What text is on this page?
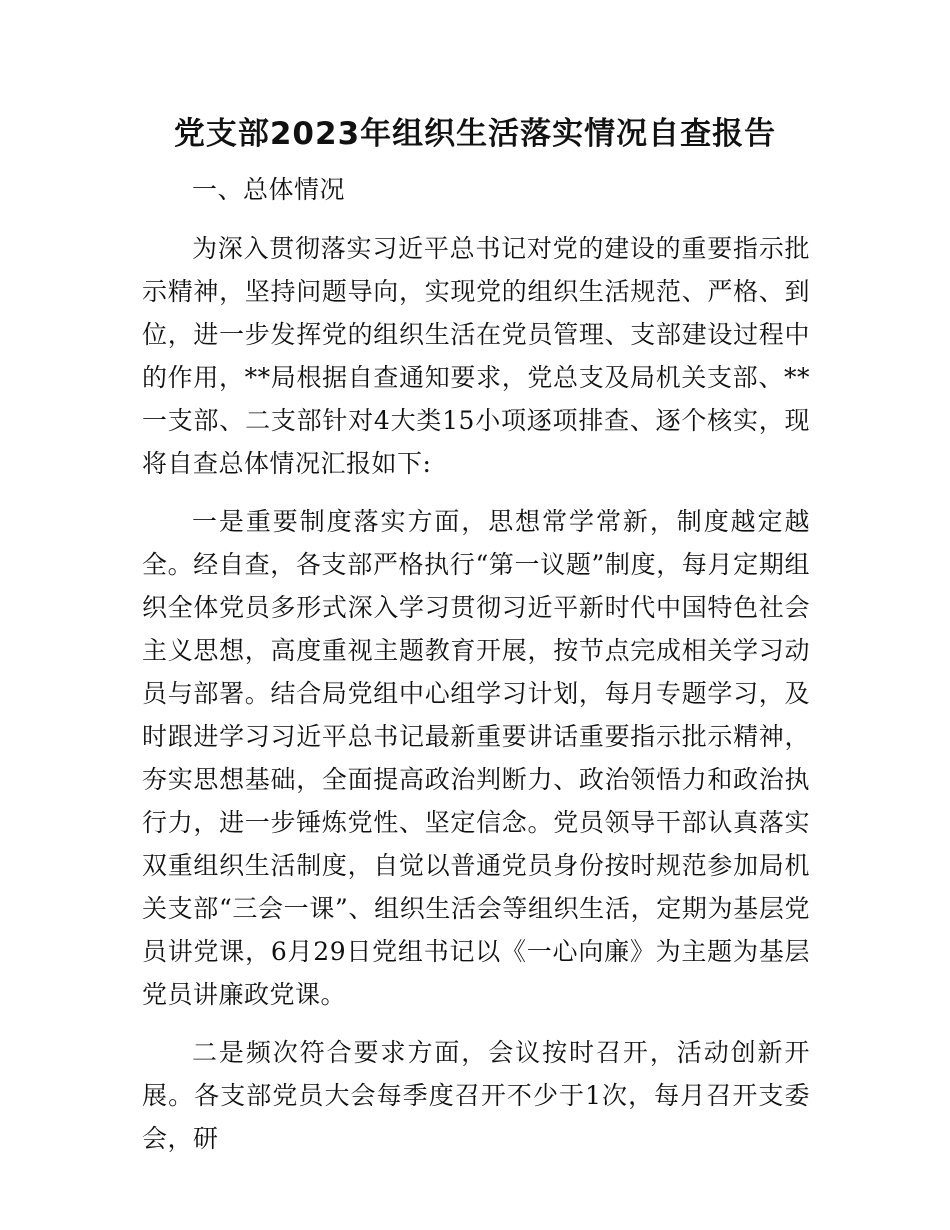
党支部2023年组织生活落实情况自查报告

一、总体情况

为深入贯彻落实习近平总书记对党的建设的重要指示批示精神，坚持问题导向，实现党的组织生活规范、严格、到位，进一步发挥党的组织生活在党员管理、支部建设过程中的作用，**局根据自查通知要求，党总支及局机关支部、**一支部、二支部针对4大类15小项逐项排查、逐个核实，现将自查总体情况汇报如下:

一是重要制度落实方面，思想常学常新，制度越定越全。经自查，各支部严格执行“第一议题”制度，每月定期组织全体党员多形式深入学习贯彻习近平新时代中国特色社会主义思想，高度重视主题教育开展，按节点完成相关学习动员与部署。结合局党组中心组学习计划，每月专题学习，及时跟进学习习近平总书记最新重要讲话重要指示批示精神，夯实思想基础，全面提高政治判断力、政治领悟力和政治执行力，进一步锤炼党性、坚定信念。党员领导干部认真落实双重组织生活制度，自觉以普通党员身份按时规范参加局机关支部“三会一课”、组织生活会等组织生活，定期为基层党员讲党课，6月29日党组书记以《一心向廉》为主题为基层党员讲廉政党课。

二是频次符合要求方面，会议按时召开，活动创新开展。各支部党员大会每季度召开不少于1次，每月召开支委会，研
